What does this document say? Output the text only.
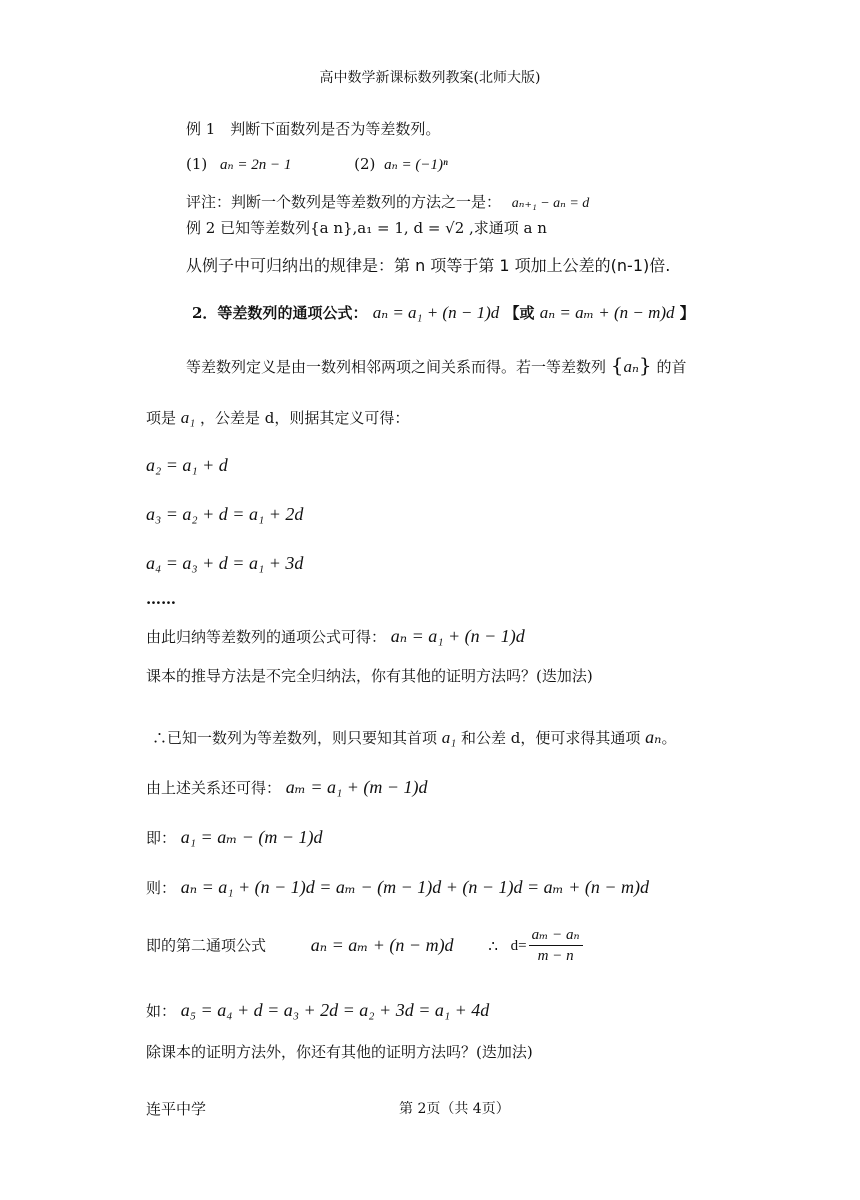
高中数学新课标数列教案(北师大版)
例 1　判断下面数列是否为等差数列。
(1) aₙ = 2n − 1	(2) aₙ = (−1)ⁿ
评注：判断一个数列是等差数列的方法之一是： aₙ₊₁ − aₙ = d
例 2 已知等差数列{a n},a₁ = 1, d = √2 ,求通项 a n
从例子中可归纳出的规律是：第 n 项等于第 1 项加上公差的(n-1)倍.
2．等差数列的通项公式： aₙ = a₁ + (n − 1)d 【或 aₙ = aₘ + (n − m)d 】
等差数列定义是由一数列相邻两项之间关系而得。若一等差数列 {aₙ} 的首
项是 a₁ ，公差是 d，则据其定义可得：
a₂ = a₁ + d
a₃ = a₂ + d = a₁ + 2d
a₄ = a₃ + d = a₁ + 3d
……
由此归纳等差数列的通项公式可得： aₙ = a₁ + (n − 1)d
课本的推导方法是不完全归纳法，你有其他的证明方法吗？(迭加法)
∴已知一数列为等差数列，则只要知其首项 a₁ 和公差 d，便可求得其通项 aₙ。
由上述关系还可得： aₘ = a₁ + (m − 1)d
即： a₁ = aₘ − (m − 1)d
则： aₙ = a₁ + (n − 1)d = aₘ − (m − 1)d + (n − 1)d = aₘ + (n − m)d
即的第二通项公式 aₙ = aₘ + (n − m)d ∴ $d= \frac{\text{aₘ − aₙ}}{m - n}$
如： a₅ = a₄ + d = a₃ + 2d = a₂ + 3d = a₁ + 4d
除课本的证明方法外，你还有其他的证明方法吗？(迭加法)
连平中学	第 2页（共 4页）
